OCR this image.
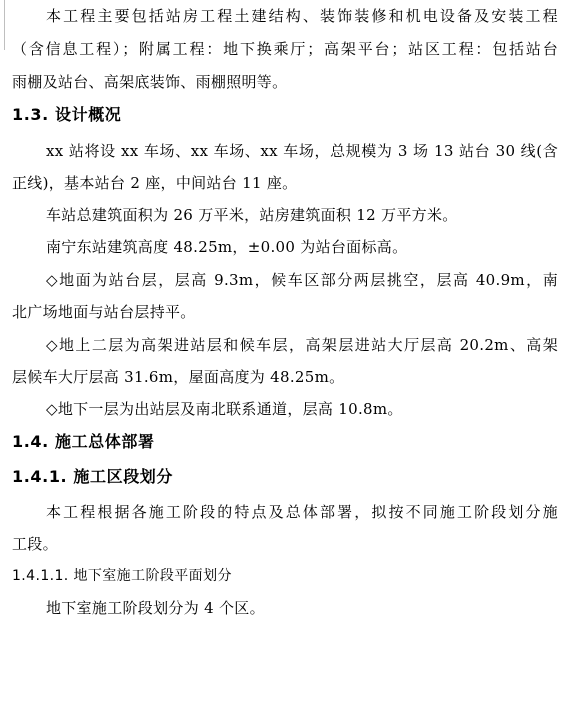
本工程主要包括站房工程土建结构、装饰装修和机电设备及安装工程
（含信息工程）；附属工程：地下换乘厅；高架平台；站区工程：包括站台
雨棚及站台、高架底装饰、雨棚照明等。
1.3. 设计概况
xx 站将设 xx 车场、xx 车场、xx 车场，总规模为 3 场 13 站台 30 线(含
正线)，基本站台 2 座，中间站台 11 座。
车站总建筑面积为 26 万平米，站房建筑面积 12 万平方米。
南宁东站建筑高度 48.25m，±0.00 为站台面标高。
◇地面为站台层，层高 9.3m，候车区部分两层挑空，层高 40.9m，南
北广场地面与站台层持平。
◇地上二层为高架进站层和候车层，高架层进站大厅层高 20.2m、高架
层候车大厅层高 31.6m，屋面高度为 48.25m。
◇地下一层为出站层及南北联系通道，层高 10.8m。
1.4. 施工总体部署
1.4.1. 施工区段划分
本工程根据各施工阶段的特点及总体部署，拟按不同施工阶段划分施
工段。
1.4.1.1. 地下室施工阶段平面划分
地下室施工阶段划分为 4 个区。
